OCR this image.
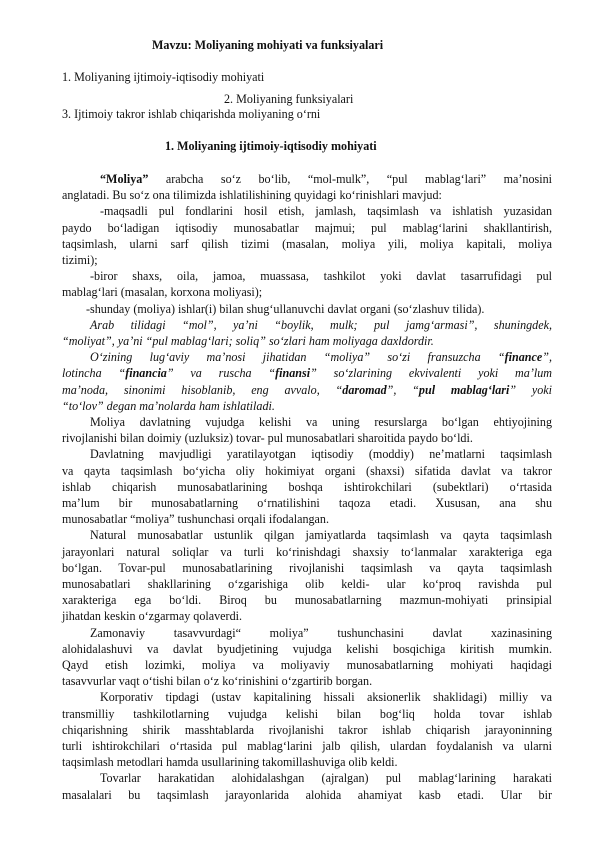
Mavzu: Moliyaning mohiyati va funksiyalari
1. Moliyaning ijtimoiy-iqtisodiy mohiyati
2. Moliyaning funksiyalari
3. Ijtimoiy takror ishlab chiqarishda moliyaning o‘rni
1. Moliyaning ijtimoiy-iqtisodiy mohiyati
“Moliya” arabcha so‘z bo‘lib, “mol-mulk”, “pul mablag‘lari” ma’nosini
anglatadi. Bu so‘z ona tilimizda ishlatilishining quyidagi ko‘rinishlari mavjud:
-maqsadli pul fondlarini hosil etish, jamlash, taqsimlash va ishlatish yuzasidan
paydo bo‘ladigan iqtisodiy munosabatlar majmui; pul mablag‘larini shakllantirish,
taqsimlash, ularni sarf qilish tizimi (masalan, moliya yili, moliya kapitali, moliya
tizimi);
-biror shaxs, oila, jamoa, muassasa, tashkilot yoki davlat tasarrufidagi pul
mablag‘lari (masalan, korxona moliyasi);
-shunday (moliya) ishlar(i) bilan shug‘ullanuvchi davlat organi (so‘zlashuv tilida).
Arab tilidagi “mol”, ya’ni “boylik, mulk; pul jamg‘armasi”, shuningdek,
“moliyat”, ya’ni “pul mablag‘lari; soliq” so‘zlari ham moliyaga daxldordir.
O‘zining lug‘aviy ma’nosi jihatidan “moliya” so‘zi fransuzcha “finance”,
lotincha “financia” va ruscha “finansi” so‘zlarining ekvivalenti yoki ma’lum
ma’noda, sinonimi hisoblanib, eng avvalo, “daromad”, “pul mablag‘lari” yoki
“to‘lov” degan ma’nolarda ham ishlatiladi.
Moliya davlatning vujudga kelishi va uning resurslarga bo‘lgan ehtiyojining
rivojlanishi bilan doimiy (uzluksiz) tovar- pul munosabatlari sharoitida paydo bo‘ldi.
Davlatning mavjudligi yaratilayotgan iqtisodiy (moddiy) ne’matlarni taqsimlash
va qayta taqsimlash bo‘yicha oliy hokimiyat organi (shaxsi) sifatida davlat va takror
ishlab chiqarish munosabatlarining boshqa ishtirokchilari (subektlari) o‘rtasida
ma’lum bir munosabatlarning o‘rnatilishini taqoza etadi. Xususan, ana shu
munosabatlar “moliya” tushunchasi orqali ifodalangan.
Natural munosabatlar ustunlik qilgan jamiyatlarda taqsimlash va qayta taqsimlash
jarayonlari natural soliqlar va turli ko‘rinishdagi shaxsiy to‘lanmalar xarakteriga ega
bo‘lgan. Tovar-pul munosabatlarining rivojlanishi taqsimlash va qayta taqsimlash
munosabatlari shakllarining o‘zgarishiga olib keldi- ular ko‘proq ravishda pul
xarakteriga ega bo‘ldi. Biroq bu munosabatlarning mazmun-mohiyati prinsipial
jihatdan keskin o‘zgarmay qolaverdi.
Zamonaviy tasavvurdagi“ moliya” tushunchasini davlat xazinasining
alohidalashuvi va davlat byudjetining vujudga kelishi bosqichiga kiritish mumkin.
Qayd etish lozimki, moliya va moliyaviy munosabatlarning mohiyati haqidagi
tasavvurlar vaqt o‘tishi bilan o‘z ko‘rinishini o‘zgartirib borgan.
Korporativ tipdagi (ustav kapitalining hissali aksionerlik shaklidagi) milliy va
transmilliy tashkilotlarning vujudga kelishi bilan bog‘liq holda tovar ishlab
chiqarishning shirik masshtablarda rivojlanishi takror ishlab chiqarish jarayoninning
turli ishtirokchilari o‘rtasida pul mablag‘larini jalb qilish, ulardan foydalanish va ularni
taqsimlash metodlari hamda usullarining takomillashuviga olib keldi.
Tovarlar harakatidan alohidalashgan (ajralgan) pul mablag‘larining harakati
masalalari bu taqsimlash jarayonlarida alohida ahamiyat kasb etadi. Ular bir
